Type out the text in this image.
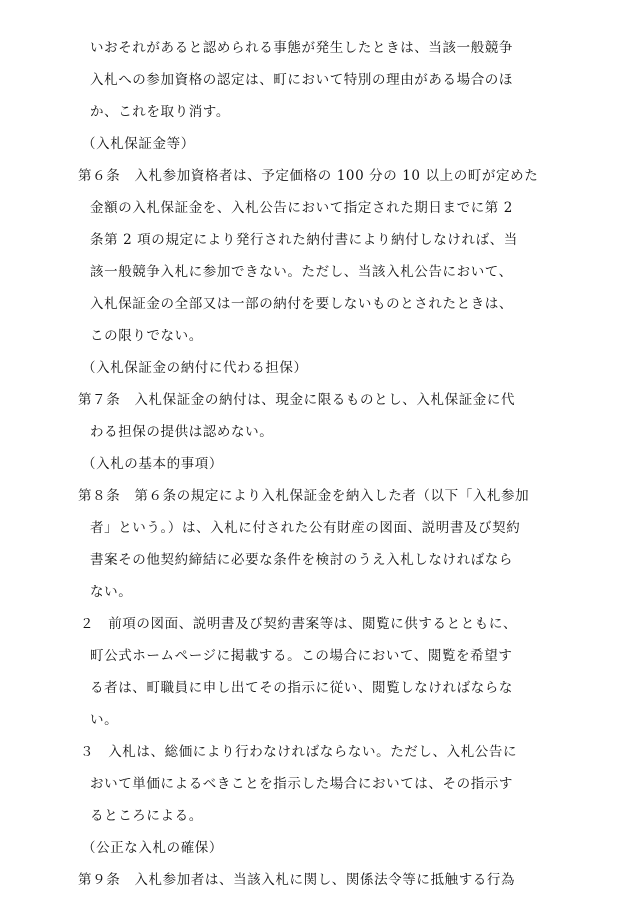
いおそれがあると認められる事態が発生したときは、当該一般競争
入札への参加資格の認定は、町において特別の理由がある場合のほ
か、これを取り消す。
（入札保証金等）
第６条　入札参加資格者は、予定価格の 100 分の 10 以上の町が定めた
金額の入札保証金を、入札公告において指定された期日までに第 2
条第 2 項の規定により発行された納付書により納付しなければ、当
該一般競争入札に参加できない。ただし、当該入札公告において、
入札保証金の全部又は一部の納付を要しないものとされたときは、
この限りでない。
（入札保証金の納付に代わる担保）
第７条　入札保証金の納付は、現金に限るものとし、入札保証金に代
わる担保の提供は認めない。
（入札の基本的事項）
第８条　第６条の規定により入札保証金を納入した者（以下「入札参加
者」という。）は、入札に付された公有財産の図面、説明書及び契約
書案その他契約締結に必要な条件を検討のうえ入札しなければなら
ない。
２　前項の図面、説明書及び契約書案等は、閲覧に供するとともに、
町公式ホームページに掲載する。この場合において、閲覧を希望す
る者は、町職員に申し出てその指示に従い、閲覧しなければならな
い。
３　入札は、総価により行わなければならない。ただし、入札公告に
おいて単価によるべきことを指示した場合においては、その指示す
るところによる。
（公正な入札の確保）
第９条　入札参加者は、当該入札に関し、関係法令等に抵触する行為
